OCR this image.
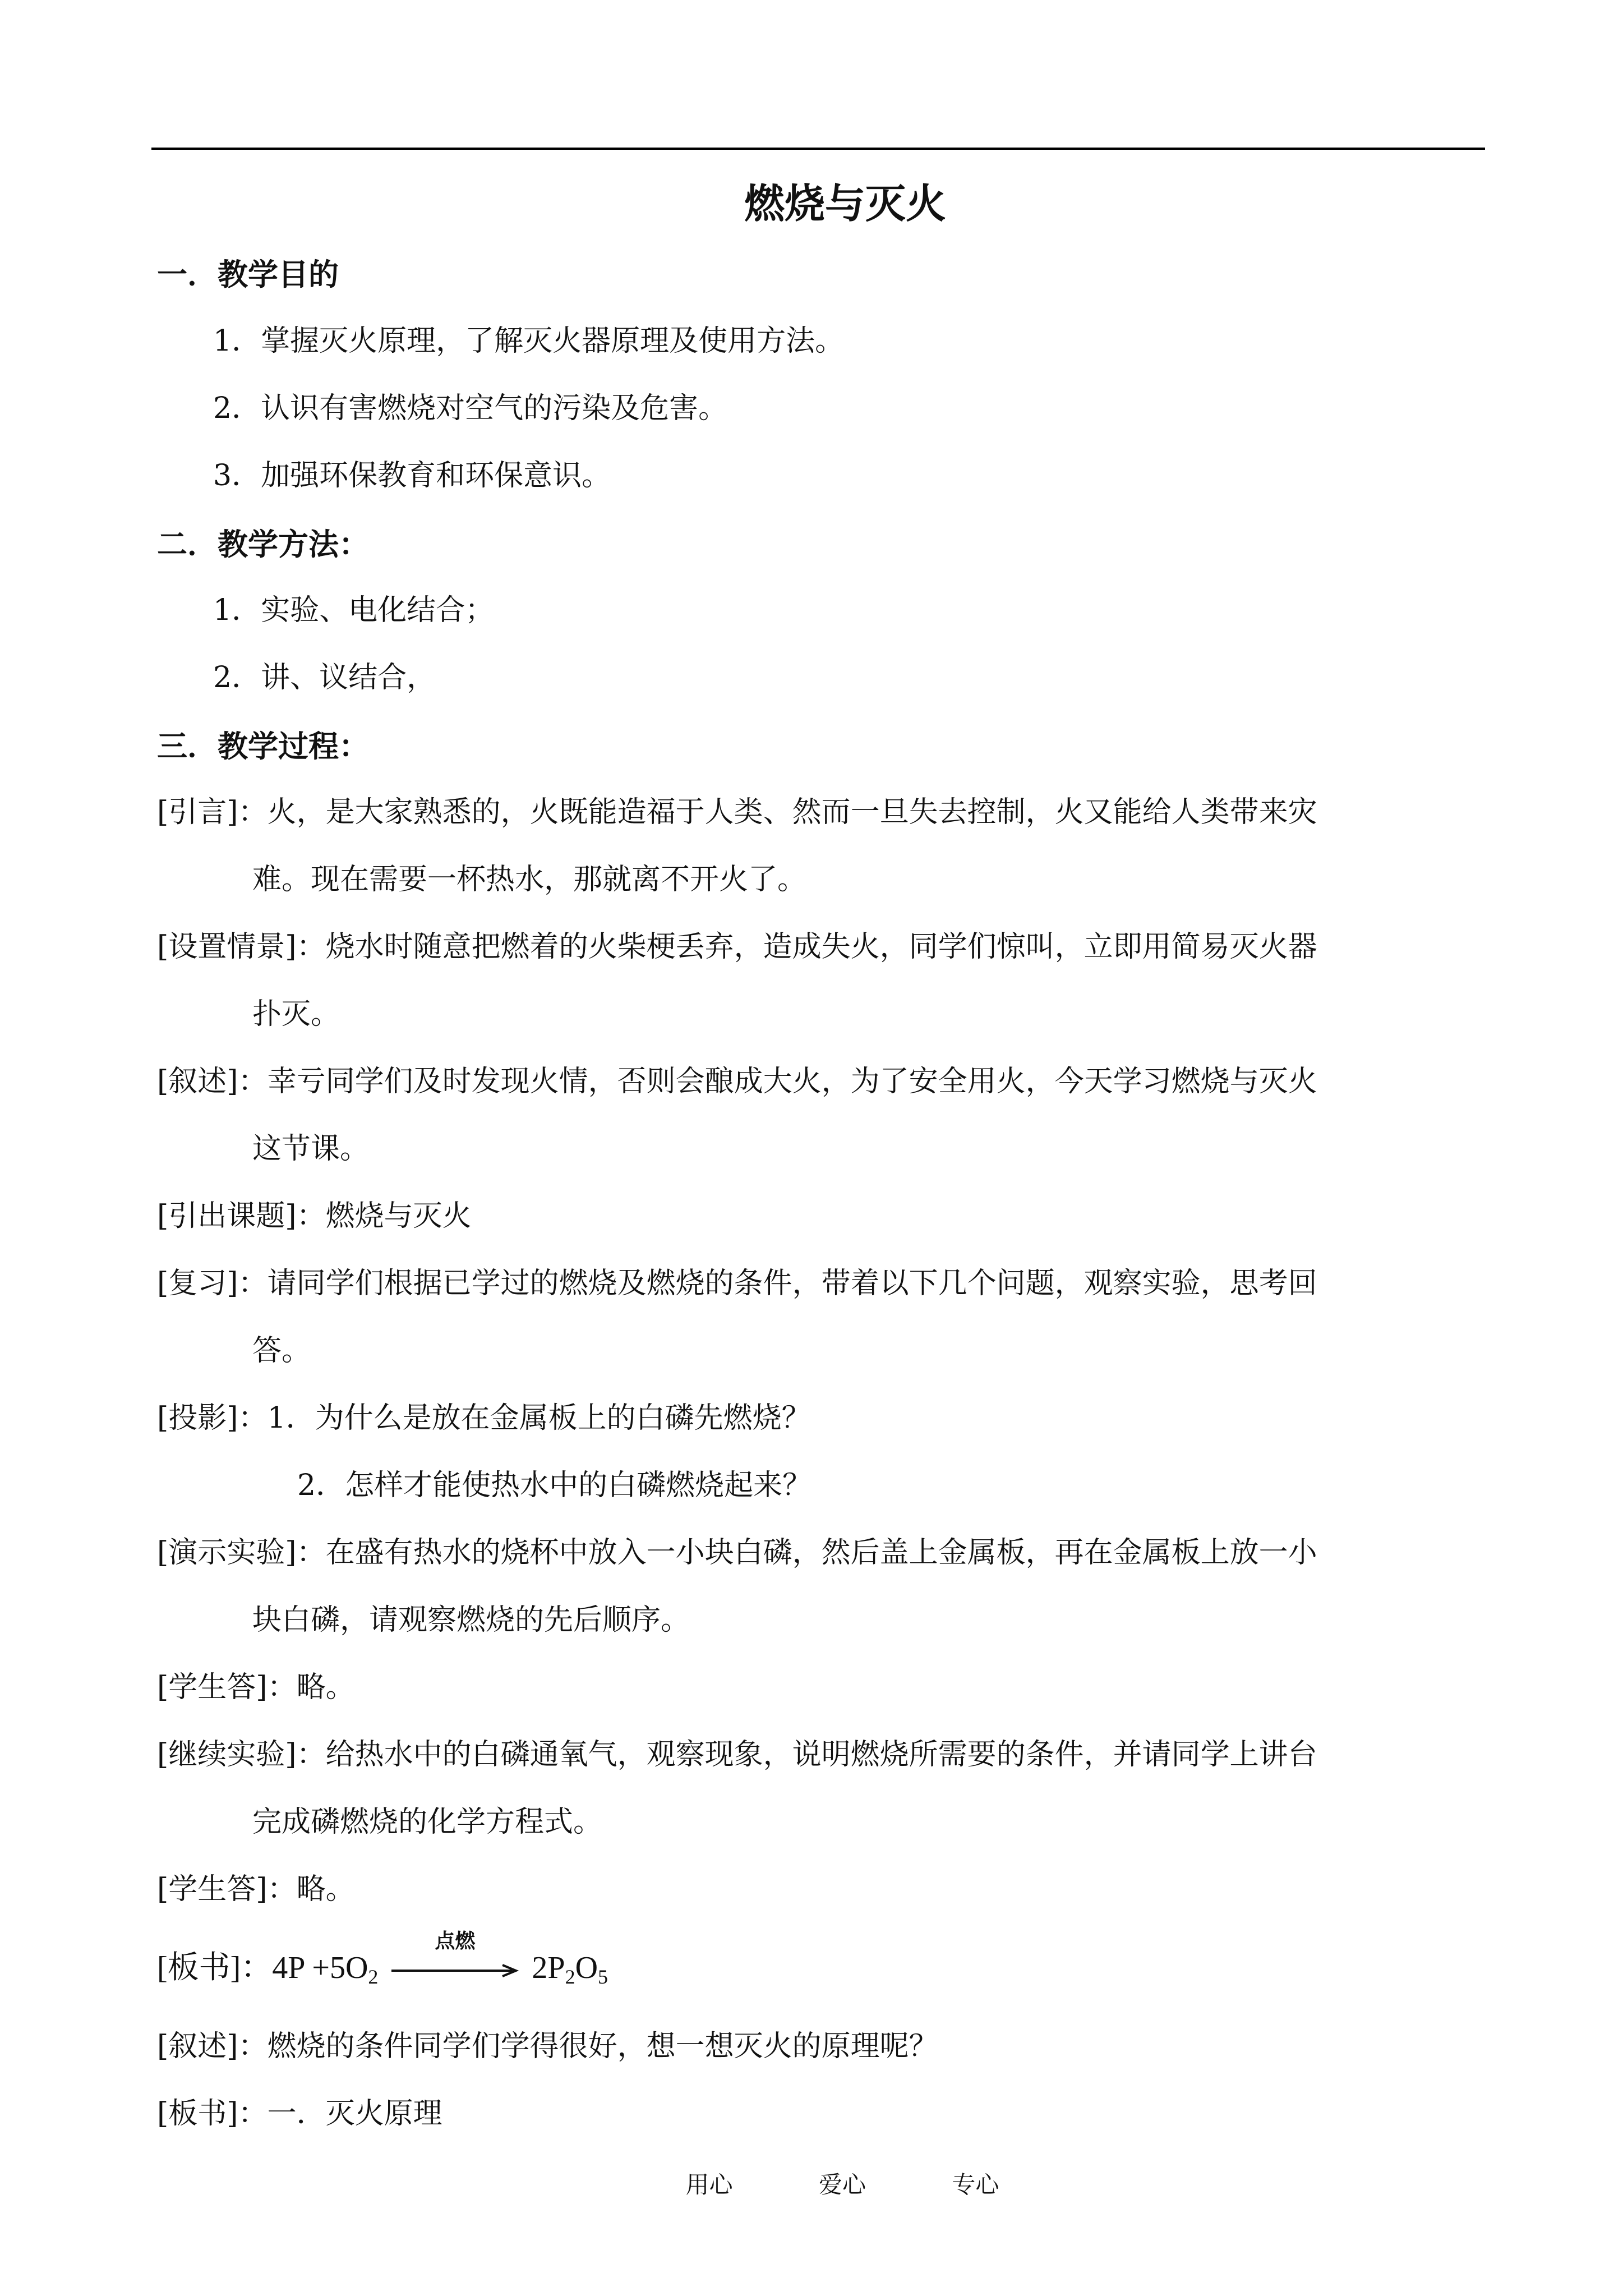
燃烧与灭火
一．教学目的
1．掌握灭火原理，了解灭火器原理及使用方法。
2．认识有害燃烧对空气的污染及危害。
3．加强环保教育和环保意识。
二．教学方法：
1．实验、电化结合；
2．讲、议结合，
三．教学过程：
[引言]：火，是大家熟悉的，火既能造福于人类、然而一旦失去控制，火又能给人类带来灾
难。现在需要一杯热水，那就离不开火了。
[设置情景]：烧水时随意把燃着的火柴梗丢弃，造成失火，同学们惊叫，立即用简易灭火器
扑灭。
[叙述]：幸亏同学们及时发现火情，否则会酿成大火，为了安全用火，今天学习燃烧与灭火
这节课。
[引出课题]：燃烧与灭火
[复习]：请同学们根据已学过的燃烧及燃烧的条件，带着以下几个问题，观察实验，思考回
答。
[投影]：1．为什么是放在金属板上的白磷先燃烧？
2．怎样才能使热水中的白磷燃烧起来？
[演示实验]：在盛有热水的烧杯中放入一小块白磷，然后盖上金属板，再在金属板上放一小
块白磷，请观察燃烧的先后顺序。
[学生答]：略。
[继续实验]：给热水中的白磷通氧气，观察现象，说明燃烧所需要的条件，并请同学上讲台
完成磷燃烧的化学方程式。
[学生答]：略。
[板书]：$4P +5O_2$
点燃
$2P_2O_5$
[叙述]：燃烧的条件同学们学得很好，想一想灭火的原理呢？
[板书]：一．灭火原理
用心	爱心	专心
